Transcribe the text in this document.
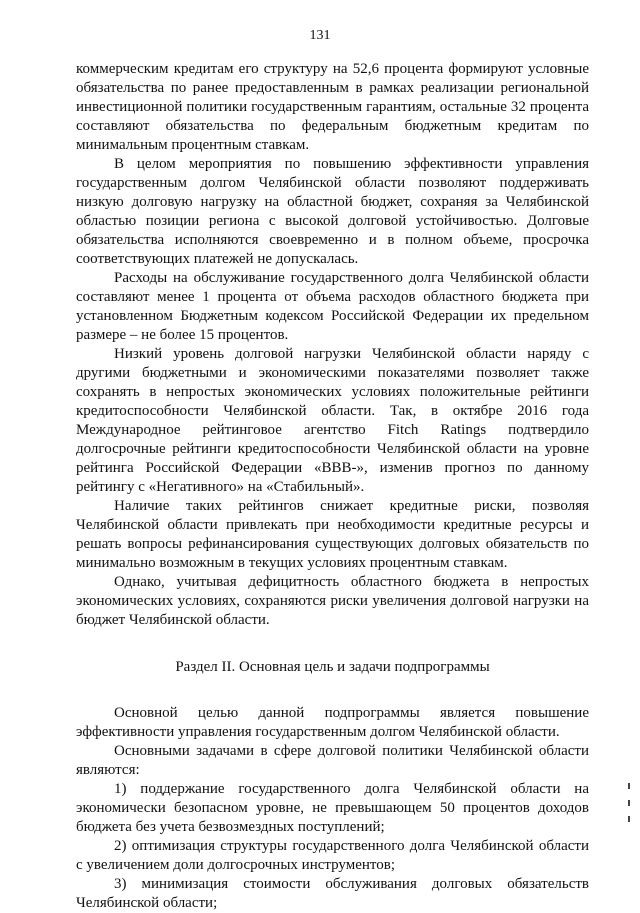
131

коммерческим кредитам его структуру на 52,6 процента формируют условные обязательства по ранее предоставленным в рамках реализации региональной инвестиционной политики государственным гарантиям, остальные 32 процента составляют обязательства по федеральным бюджетным кредитам по минимальным процентным ставкам.

В целом мероприятия по повышению эффективности управления государственным долгом Челябинской области позволяют поддерживать низкую долговую нагрузку на областной бюджет, сохраняя за Челябинской областью позиции региона с высокой долговой устойчивостью. Долговые обязательства исполняются своевременно и в полном объеме, просрочка соответствующих платежей не допускалась.

Расходы на обслуживание государственного долга Челябинской области составляют менее 1 процента от объема расходов областного бюджета при установленном Бюджетным кодексом Российской Федерации их предельном размере – не более 15 процентов.

Низкий уровень долговой нагрузки Челябинской области наряду с другими бюджетными и экономическими показателями позволяет также сохранять в непростых экономических условиях положительные рейтинги кредитоспособности Челябинской области. Так, в октябре 2016 года Международное рейтинговое агентство Fitch Ratings подтвердило долгосрочные рейтинги кредитоспособности Челябинской области на уровне рейтинга Российской Федерации «BBB-», изменив прогноз по данному рейтингу с «Негативного» на «Стабильный».

Наличие таких рейтингов снижает кредитные риски, позволяя Челябинской области привлекать при необходимости кредитные ресурсы и решать вопросы рефинансирования существующих долговых обязательств по минимально возможным в текущих условиях процентным ставкам.

Однако, учитывая дефицитность областного бюджета в непростых экономических условиях, сохраняются риски увеличения долговой нагрузки на бюджет Челябинской области.

Раздел II. Основная цель и задачи подпрограммы

Основной целью данной подпрограммы является повышение эффективности управления государственным долгом Челябинской области.

Основными задачами в сфере долговой политики Челябинской области являются:

1) поддержание государственного долга Челябинской области на экономически безопасном уровне, не превышающем 50 процентов доходов бюджета без учета безвозмездных поступлений;

2) оптимизация структуры государственного долга Челябинской области с увеличением доли долгосрочных инструментов;

3) минимизация стоимости обслуживания долговых обязательств Челябинской области;
